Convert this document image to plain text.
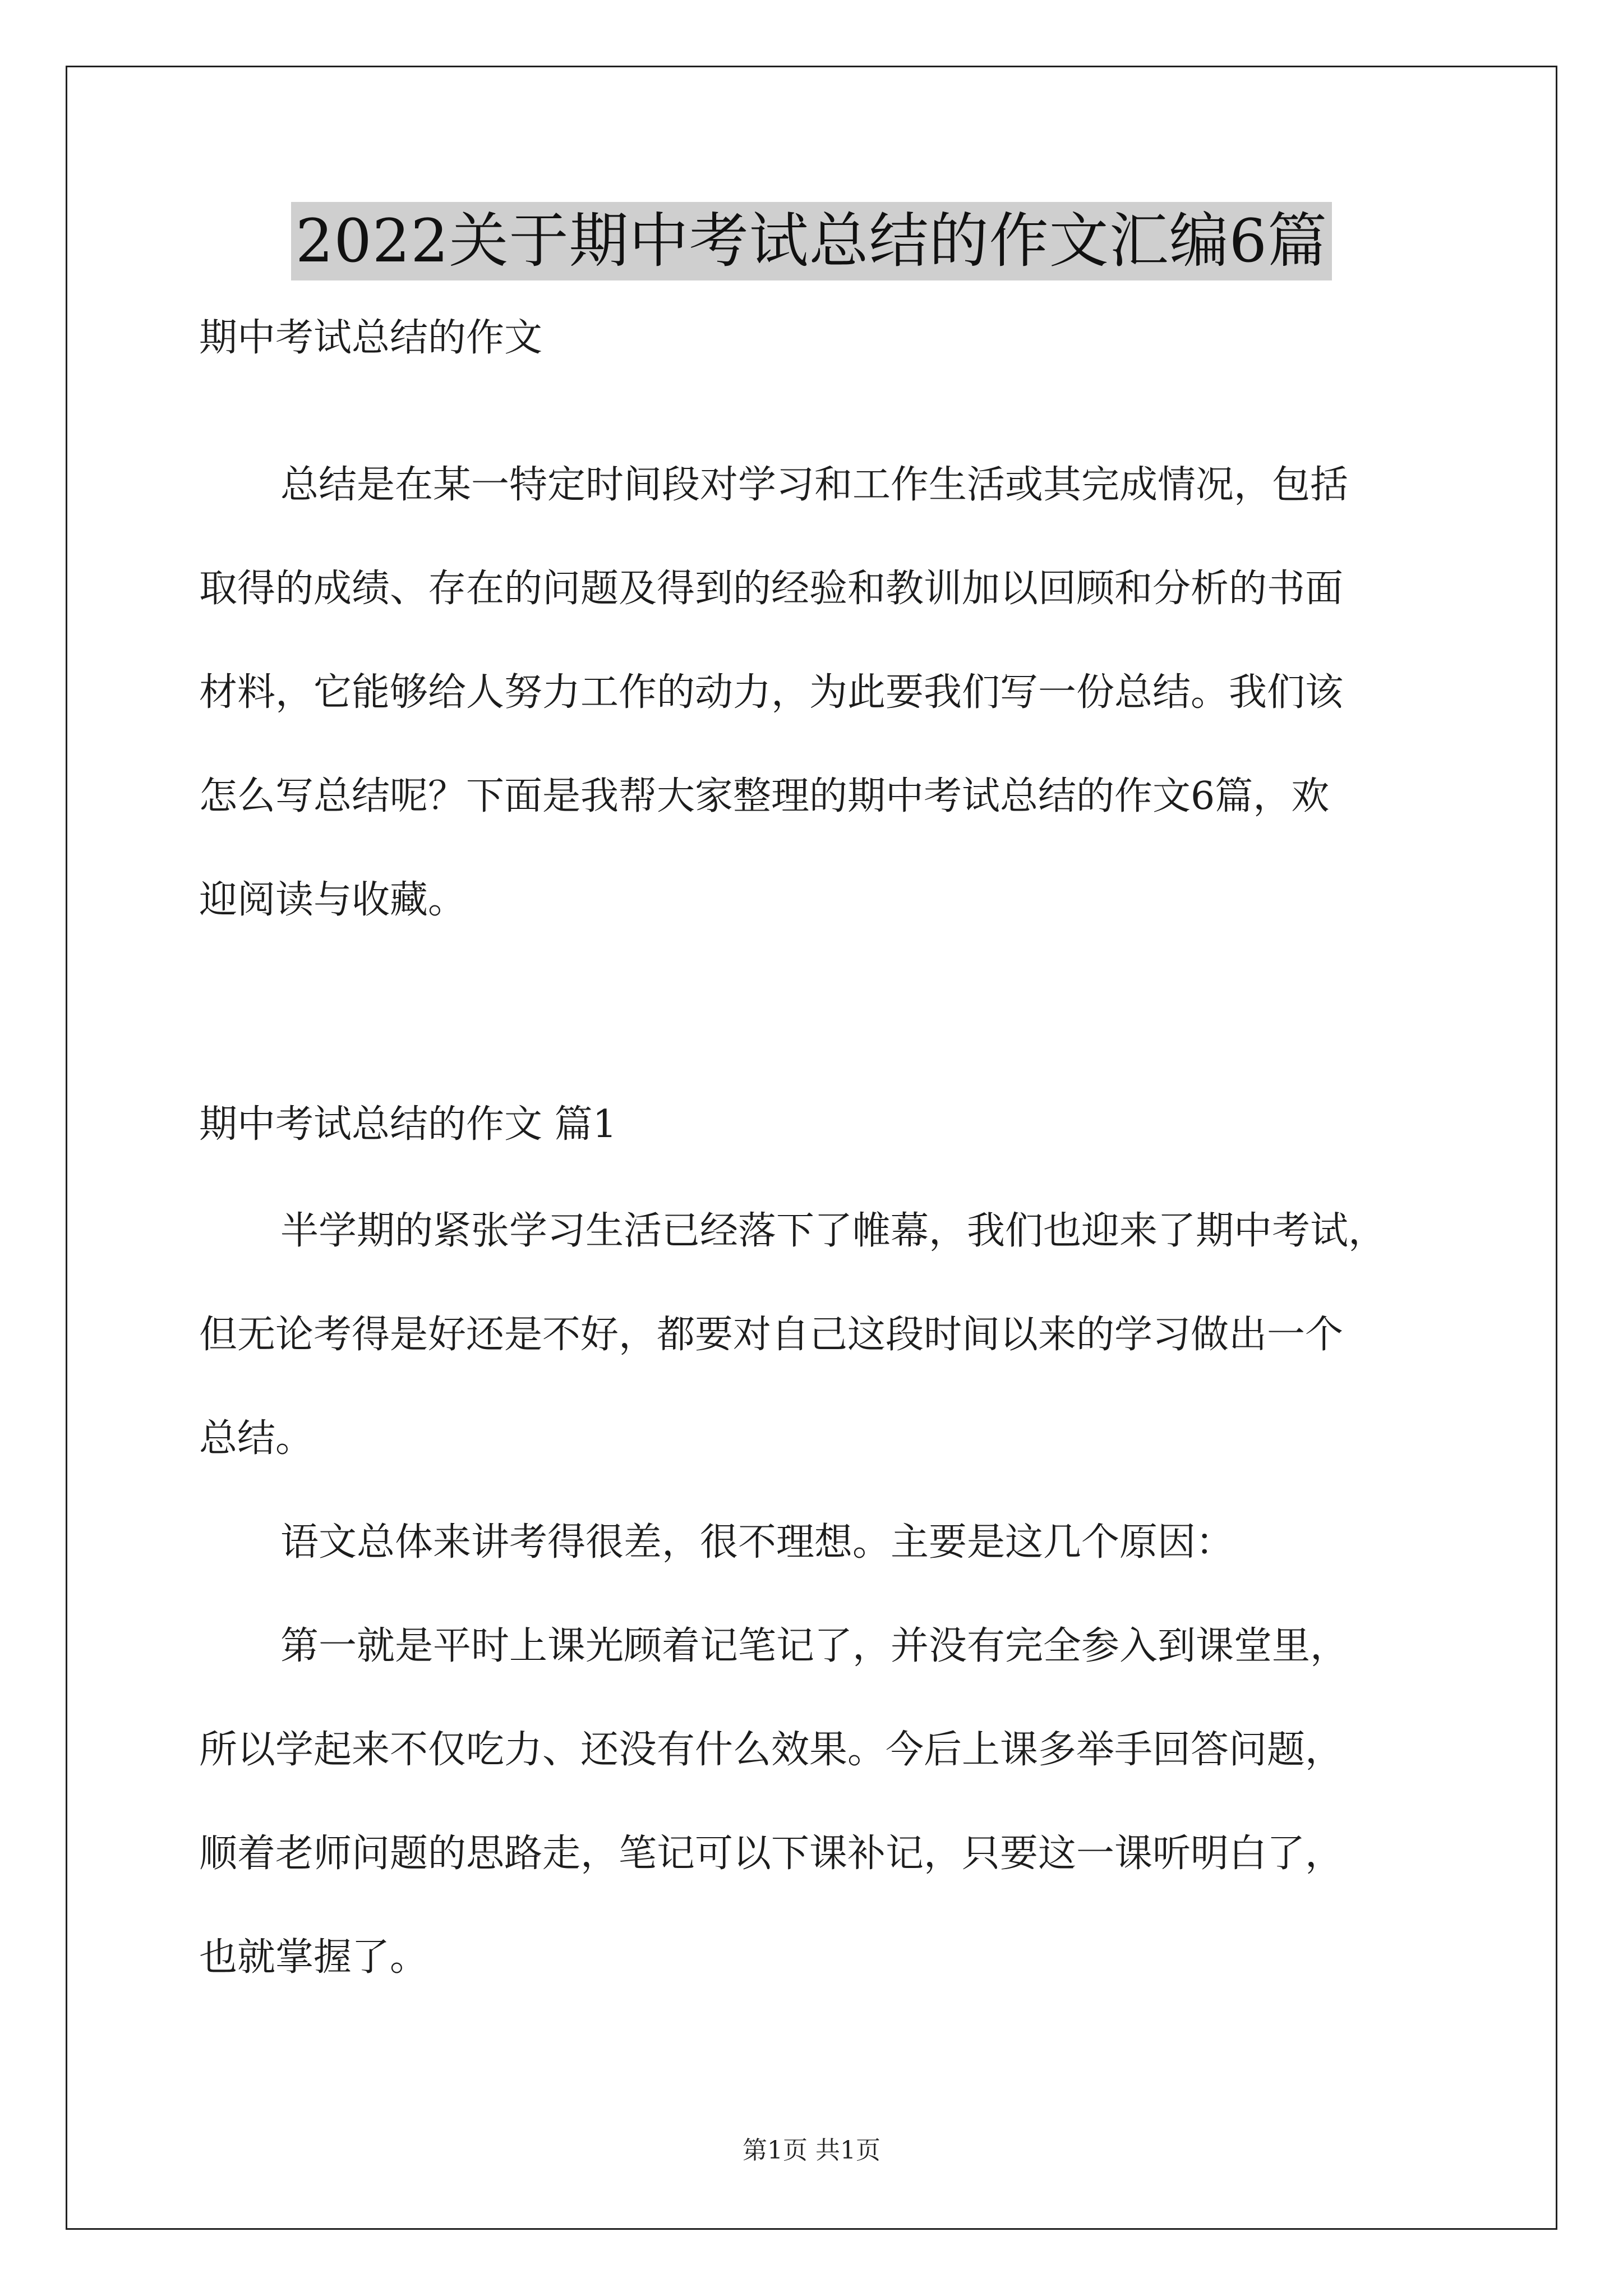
2022关于期中考试总结的作文汇编6篇
期中考试总结的作文
总结是在某一特定时间段对学习和工作生活或其完成情况，包括
取得的成绩、存在的问题及得到的经验和教训加以回顾和分析的书面
材料，它能够给人努力工作的动力，为此要我们写一份总结。我们该
怎么写总结呢？下面是我帮大家整理的期中考试总结的作文6篇，欢
迎阅读与收藏。
期中考试总结的作文 篇1
半学期的紧张学习生活已经落下了帷幕，我们也迎来了期中考试，
但无论考得是好还是不好，都要对自己这段时间以来的学习做出一个
总结。
语文总体来讲考得很差，很不理想。主要是这几个原因：
第一就是平时上课光顾着记笔记了，并没有完全参入到课堂里，
所以学起来不仅吃力、还没有什么效果。今后上课多举手回答问题，
顺着老师问题的思路走，笔记可以下课补记，只要这一课听明白了，
也就掌握了。
第1页 共1页
